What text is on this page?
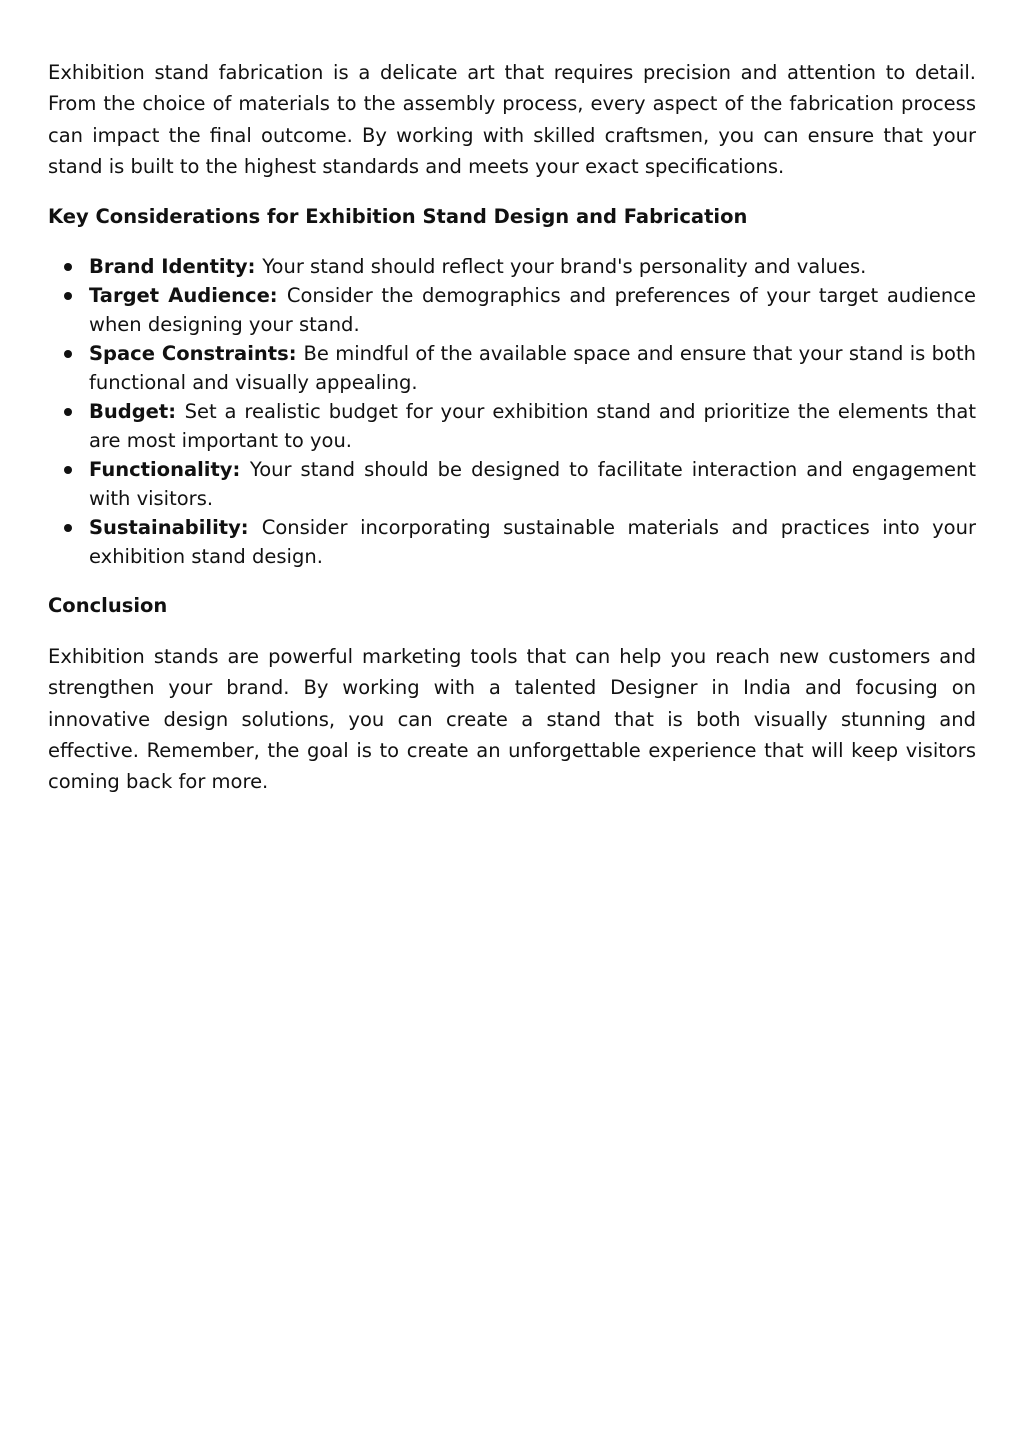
Exhibition stand fabrication is a delicate art that requires precision and attention to detail. From the choice of materials to the assembly process, every aspect of the fabrication process can impact the final outcome. By working with skilled craftsmen, you can ensure that your stand is built to the highest standards and meets your exact specifications.

Key Considerations for Exhibition Stand Design and Fabrication
Brand Identity: Your stand should reflect your brand's personality and values.
Target Audience: Consider the demographics and preferences of your target audience when designing your stand.
Space Constraints: Be mindful of the available space and ensure that your stand is both functional and visually appealing.
Budget: Set a realistic budget for your exhibition stand and prioritize the elements that are most important to you.
Functionality: Your stand should be designed to facilitate interaction and engagement with visitors.
Sustainability: Consider incorporating sustainable materials and practices into your exhibition stand design.
Conclusion

Exhibition stands are powerful marketing tools that can help you reach new customers and strengthen your brand. By working with a talented Designer in India and focusing on innovative design solutions, you can create a stand that is both visually stunning and effective. Remember, the goal is to create an unforgettable experience that will keep visitors coming back for more.
